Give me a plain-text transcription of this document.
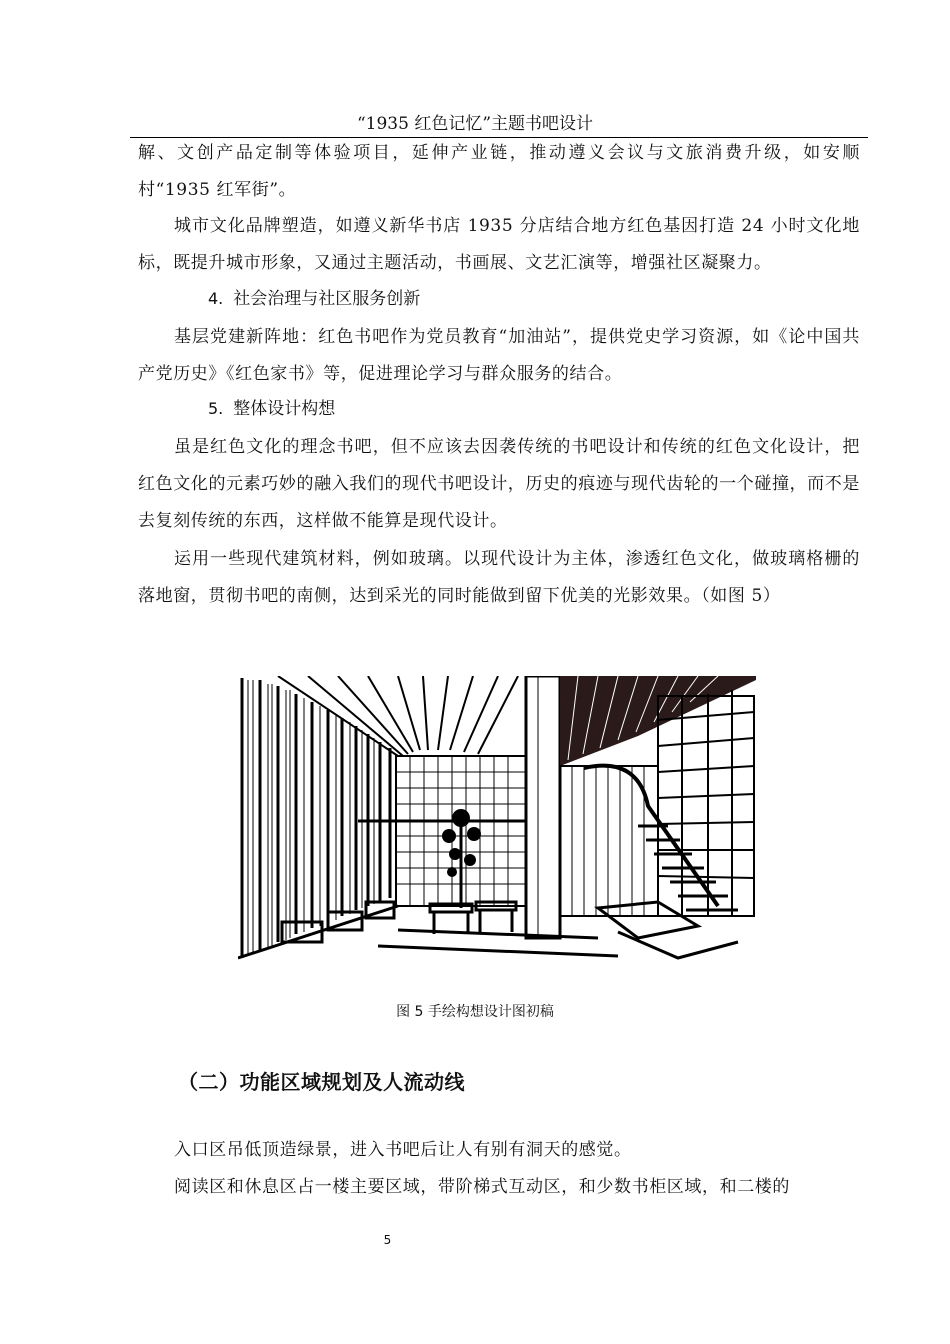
“1935 红色记忆”主题书吧设计

解、文创产品定制等体验项目，延伸产业链，推动遵义会议与文旅消费升级，如安顺村“1935 红军街”。

城市文化品牌塑造，如遵义新华书店 1935 分店结合地方红色基因打造 24 小时文化地标，既提升城市形象，又通过主题活动，书画展、文艺汇演等，增强社区凝聚力。

4. 社会治理与社区服务创新

基层党建新阵地：红色书吧作为党员教育“加油站”，提供党史学习资源，如《论中国共产党历史》《红色家书》等，促进理论学习与群众服务的结合。

5. 整体设计构想

虽是红色文化的理念书吧，但不应该去因袭传统的书吧设计和传统的红色文化设计，把红色文化的元素巧妙的融入我们的现代书吧设计，历史的痕迹与现代齿轮的一个碰撞，而不是去复刻传统的东西，这样做不能算是现代设计。

运用一些现代建筑材料，例如玻璃。以现代设计为主体，渗透红色文化，做玻璃格栅的落地窗，贯彻书吧的南侧，达到采光的同时能做到留下优美的光影效果。（如图 5）

图 5 手绘构想设计图初稿
（二）功能区域规划及人流动线

入口区吊低顶造绿景，进入书吧后让人有别有洞天的感觉。

阅读区和休息区占一楼主要区域，带阶梯式互动区，和少数书柜区域，和二楼的

5
